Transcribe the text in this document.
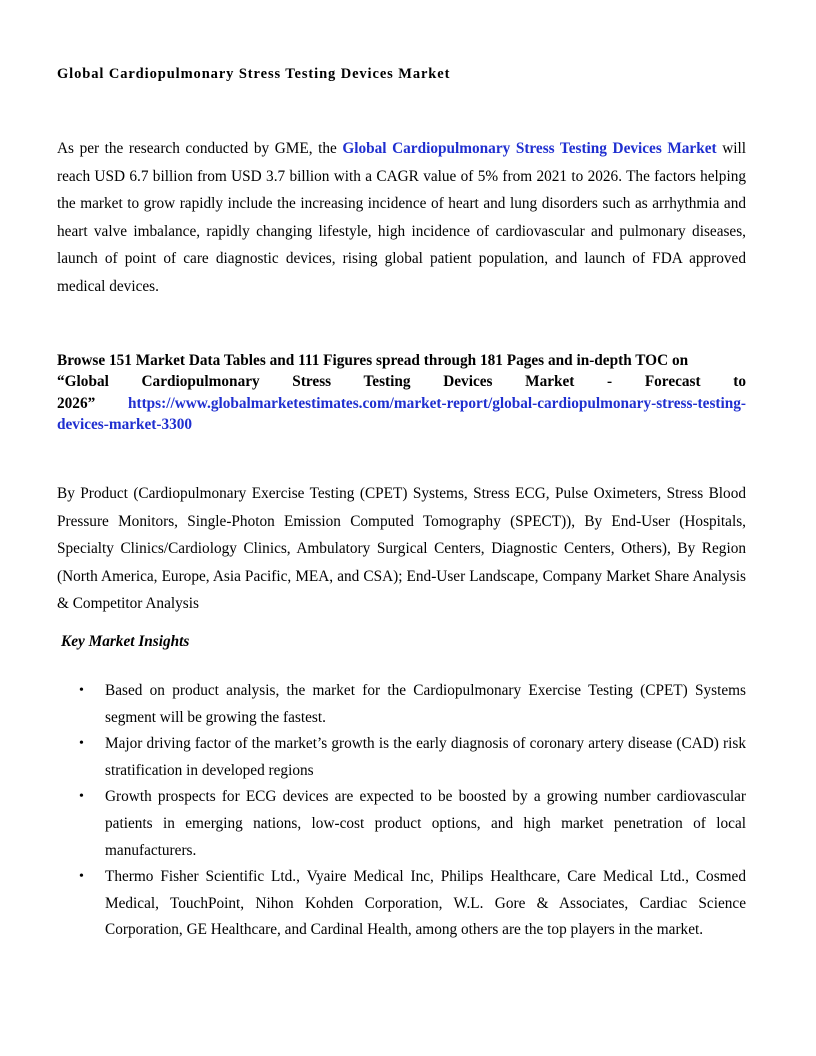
Global Cardiopulmonary Stress Testing Devices Market

As per the research conducted by GME, the Global Cardiopulmonary Stress Testing Devices Market will reach USD 6.7 billion from USD 3.7 billion with a CAGR value of 5% from 2021 to 2026. The factors helping the market to grow rapidly include the increasing incidence of heart and lung disorders such as arrhythmia and heart valve imbalance, rapidly changing lifestyle, high incidence of cardiovascular and pulmonary diseases, launch of point of care diagnostic devices, rising global patient population, and launch of FDA approved medical devices.

Browse 151 Market Data Tables and 111 Figures spread through 181 Pages and in-depth TOC on
“Global Cardiopulmonary Stress Testing Devices Market - Forecast to
2026” https://www.globalmarketestimates.com/market-report/global-cardiopulmonary-stress-testing-devices-market-3300

By Product (Cardiopulmonary Exercise Testing (CPET) Systems, Stress ECG, Pulse Oximeters, Stress Blood Pressure Monitors, Single-Photon Emission Computed Tomography (SPECT)), By End-User (Hospitals, Specialty Clinics/Cardiology Clinics, Ambulatory Surgical Centers, Diagnostic Centers, Others), By Region (North America, Europe, Asia Pacific, MEA, and CSA); End-User Landscape, Company Market Share Analysis & Competitor Analysis

Key Market Insights
• Based on product analysis, the market for the Cardiopulmonary Exercise Testing (CPET) Systems segment will be growing the fastest.
• Major driving factor of the market’s growth is the early diagnosis of coronary artery disease (CAD) risk stratification in developed regions
• Growth prospects for ECG devices are expected to be boosted by a growing number cardiovascular patients in emerging nations, low-cost product options, and high market penetration of local manufacturers.
• Thermo Fisher Scientific Ltd., Vyaire Medical Inc, Philips Healthcare, Care Medical Ltd., Cosmed Medical, TouchPoint, Nihon Kohden Corporation, W.L. Gore & Associates, Cardiac Science Corporation, GE Healthcare, and Cardinal Health, among others are the top players in the market.
